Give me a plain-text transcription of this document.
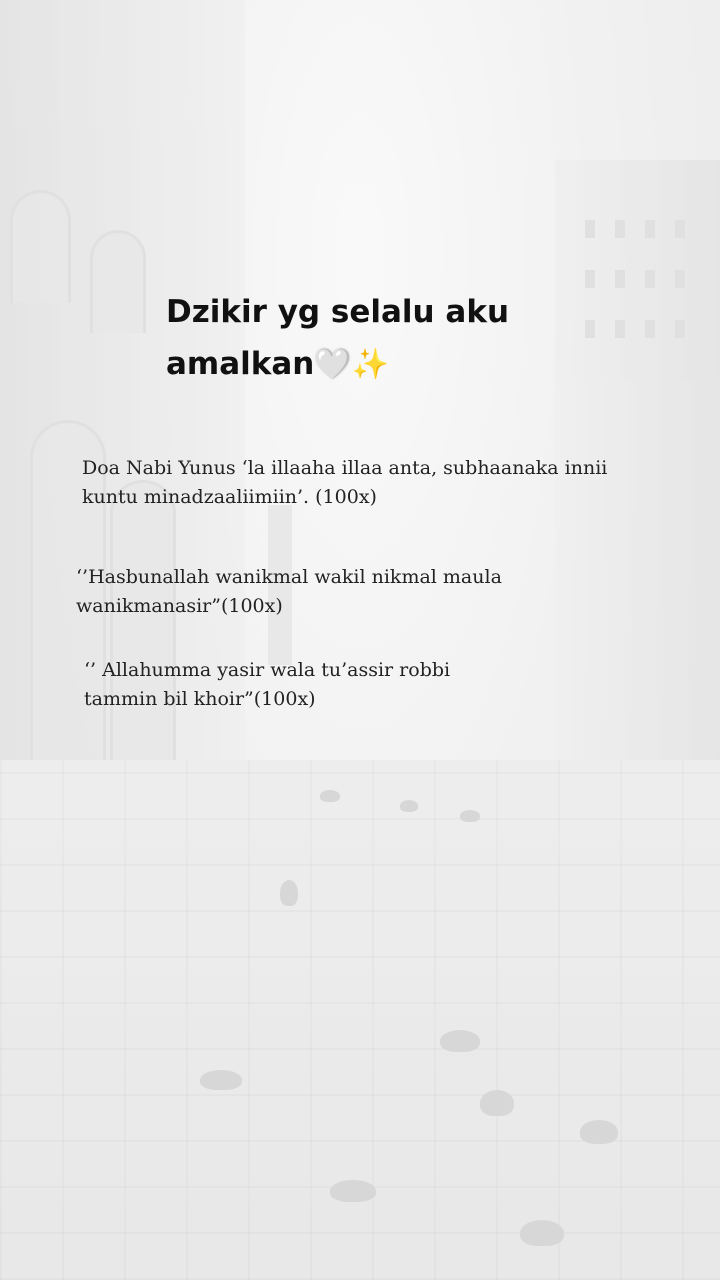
Dzikir yg selalu aku
amalkan🤍✨
Doa Nabi Yunus ‘la illaaha illaa anta, subhaanaka innii
kuntu minadzaaliimiin’. (100x)
‘’Hasbunallah wanikmal wakil nikmal maula
wanikmanasir”(100x)
‘’ Allahumma yasir wala tu’assir robbi
tammin bil khoir”(100x)
